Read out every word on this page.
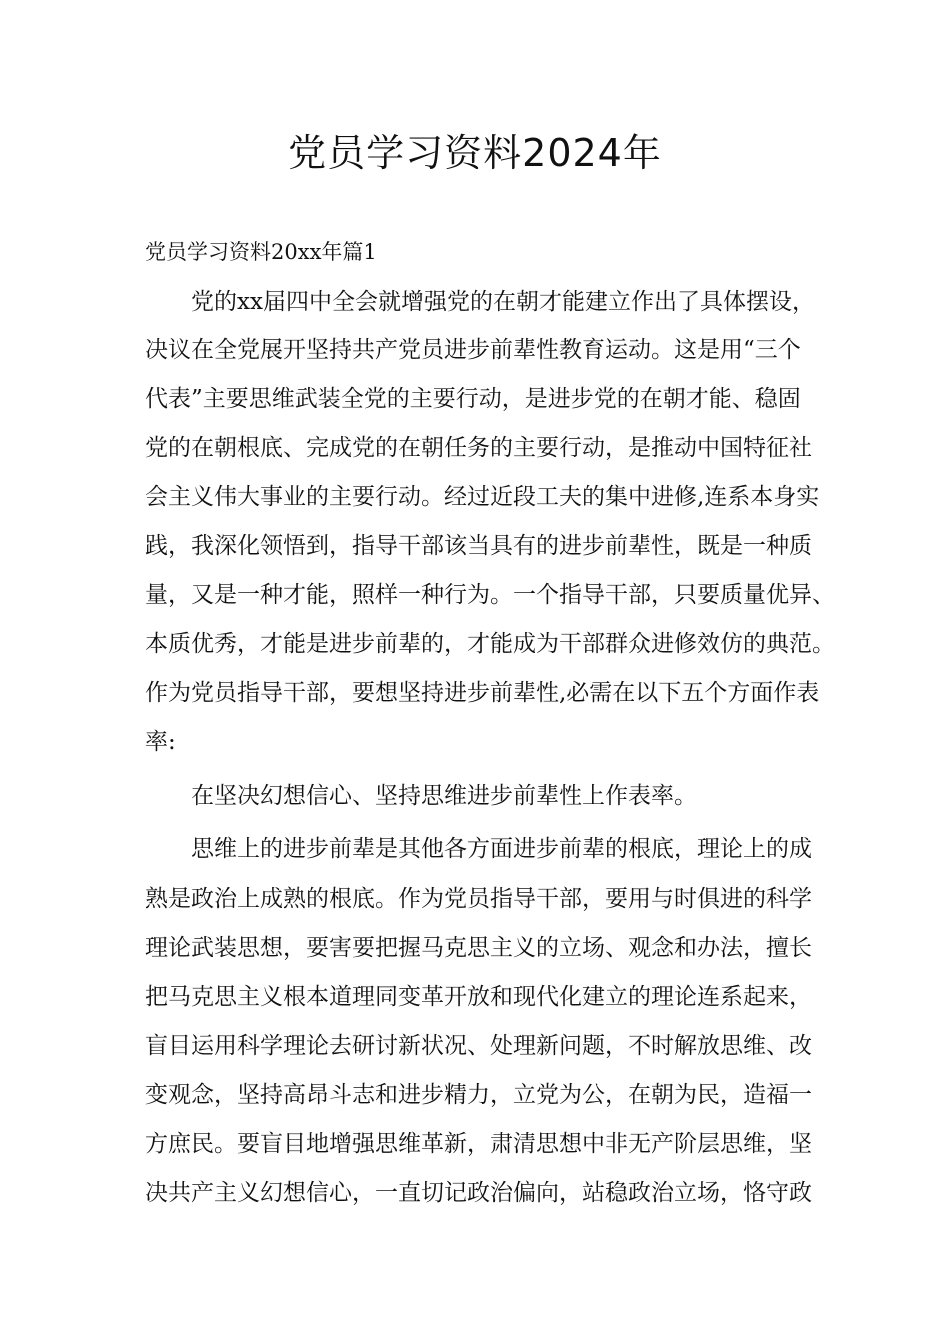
党员学习资料2024年
党员学习资料20xx年篇1
党的xx届四中全会就增强党的在朝才能建立作出了具体摆设，
决议在全党展开坚持共产党员进步前辈性教育运动。这是用“三个
代表”主要思维武装全党的主要行动，是进步党的在朝才能、稳固
党的在朝根底、完成党的在朝任务的主要行动，是推动中国特征社
会主义伟大事业的主要行动。经过近段工夫的集中进修,连系本身实
践，我深化领悟到，指导干部该当具有的进步前辈性，既是一种质
量，又是一种才能，照样一种行为。一个指导干部，只要质量优异、
本质优秀，才能是进步前辈的，才能成为干部群众进修效仿的典范。
作为党员指导干部，要想坚持进步前辈性,必需在以下五个方面作表
率:
在坚决幻想信心、坚持思维进步前辈性上作表率。
思维上的进步前辈是其他各方面进步前辈的根底，理论上的成
熟是政治上成熟的根底。作为党员指导干部，要用与时俱进的科学
理论武装思想，要害要把握马克思主义的立场、观念和办法，擅长
把马克思主义根本道理同变革开放和现代化建立的理论连系起来，
盲目运用科学理论去研讨新状况、处理新问题，不时解放思维、改
变观念，坚持高昂斗志和进步精力，立党为公，在朝为民，造福一
方庶民。要盲目地增强思维革新，肃清思想中非无产阶层思维，坚
决共产主义幻想信心，一直切记政治偏向，站稳政治立场，恪守政
